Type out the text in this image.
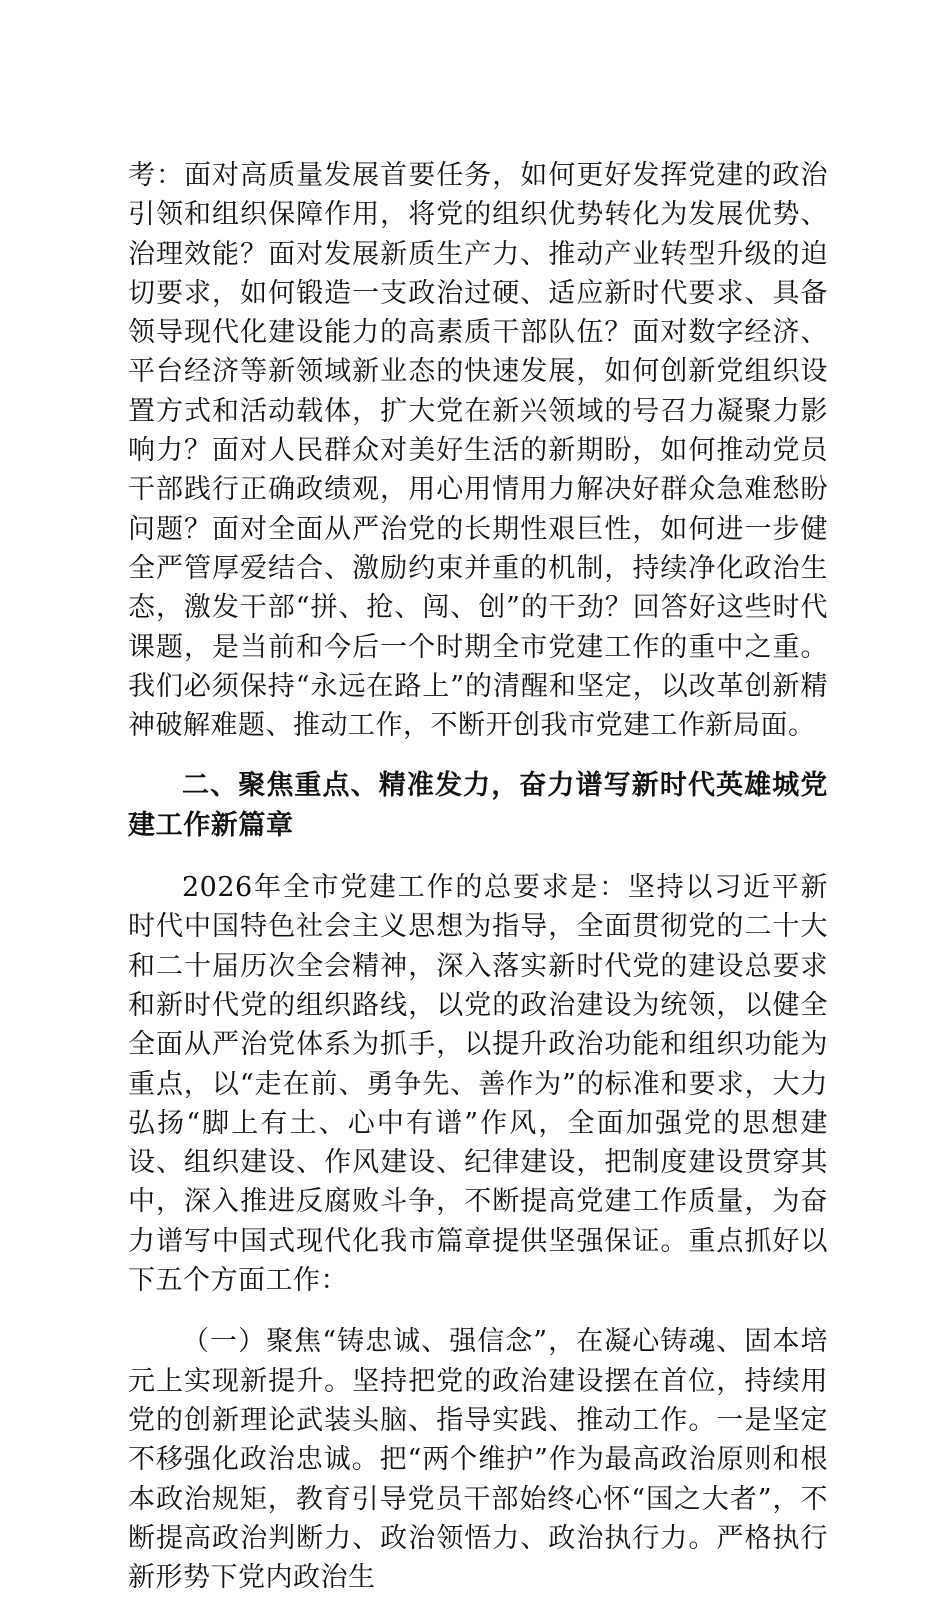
考：面对高质量发展首要任务，如何更好发挥党建的政治引领和组织保障作用，将党的组织优势转化为发展优势、治理效能？面对发展新质生产力、推动产业转型升级的迫切要求，如何锻造一支政治过硬、适应新时代要求、具备领导现代化建设能力的高素质干部队伍？面对数字经济、平台经济等新领域新业态的快速发展，如何创新党组织设置方式和活动载体，扩大党在新兴领域的号召力凝聚力影响力？面对人民群众对美好生活的新期盼，如何推动党员干部践行正确政绩观，用心用情用力解决好群众急难愁盼问题？面对全面从严治党的长期性艰巨性，如何进一步健全严管厚爱结合、激励约束并重的机制，持续净化政治生态，激发干部“拼、抢、闯、创”的干劲？回答好这些时代课题，是当前和今后一个时期全市党建工作的重中之重。我们必须保持“永远在路上”的清醒和坚定，以改革创新精神破解难题、推动工作，不断开创我市党建工作新局面。

二、聚焦重点、精准发力，奋力谱写新时代英雄城党建工作新篇章

2026年全市党建工作的总要求是：坚持以习近平新时代中国特色社会主义思想为指导，全面贯彻党的二十大和二十届历次全会精神，深入落实新时代党的建设总要求和新时代党的组织路线，以党的政治建设为统领，以健全全面从严治党体系为抓手，以提升政治功能和组织功能为重点，以“走在前、勇争先、善作为”的标准和要求，大力弘扬“脚上有土、心中有谱”作风，全面加强党的思想建设、组织建设、作风建设、纪律建设，把制度建设贯穿其中，深入推进反腐败斗争，不断提高党建工作质量，为奋力谱写中国式现代化我市篇章提供坚强保证。重点抓好以下五个方面工作：

（一）聚焦“铸忠诚、强信念”，在凝心铸魂、固本培元上实现新提升。坚持把党的政治建设摆在首位，持续用党的创新理论武装头脑、指导实践、推动工作。一是坚定不移强化政治忠诚。把“两个维护”作为最高政治原则和根本政治规矩，教育引导党员干部始终心怀“国之大者”，不断提高政治判断力、政治领悟力、政治执行力。严格执行新形势下党内政治生
